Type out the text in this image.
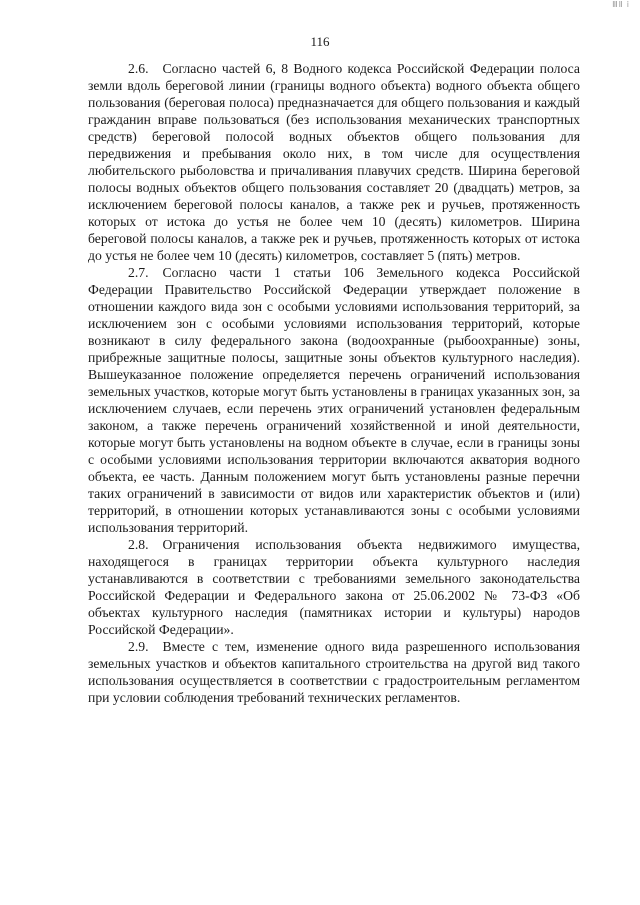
ⅢⅡ ⅰ
116

2.6. Согласно частей 6, 8 Водного кодекса Российской Федерации полоса земли вдоль береговой линии (границы водного объекта) водного объекта общего пользования (береговая полоса) предназначается для общего пользования и каждый гражданин вправе пользоваться (без использования механических транспортных средств) береговой полосой водных объектов общего пользования для передвижения и пребывания около них, в том числе для осуществления любительского рыболовства и причаливания плавучих средств. Ширина береговой полосы водных объектов общего пользования составляет 20 (двадцать) метров, за исключением береговой полосы каналов, а также рек и ручьев, протяженность которых от истока до устья не более чем 10 (десять) километров. Ширина береговой полосы каналов, а также рек и ручьев, протяженность которых от истока до устья не более чем 10 (десять) километров, составляет 5 (пять) метров.

2.7. Согласно части 1 статьи 106 Земельного кодекса Российской Федерации Правительство Российской Федерации утверждает положение в отношении каждого вида зон с особыми условиями использования территорий, за исключением зон с особыми условиями использования территорий, которые возникают в силу федерального закона (водоохранные (рыбоохранные) зоны, прибрежные защитные полосы, защитные зоны объектов культурного наследия). Вышеуказанное положение определяется перечень ограничений использования земельных участков, которые могут быть установлены в границах указанных зон, за исключением случаев, если перечень этих ограничений установлен федеральным законом, а также перечень ограничений хозяйственной и иной деятельности, которые могут быть установлены на водном объекте в случае, если в границы зоны с особыми условиями использования территории включаются акватория водного объекта, ее часть. Данным положением могут быть установлены разные перечни таких ограничений в зависимости от видов или характеристик объектов и (или) территорий, в отношении которых устанавливаются зоны с особыми условиями использования территорий.

2.8. Ограничения использования объекта недвижимого имущества, находящегося в границах территории объекта культурного наследия устанавливаются в соответствии с требованиями земельного законодательства Российской Федерации и Федерального закона от 25.06.2002 № 73-ФЗ «Об объектах культурного наследия (памятниках истории и культуры) народов Российской Федерации».

2.9. Вместе с тем, изменение одного вида разрешенного использования земельных участков и объектов капитального строительства на другой вид такого использования осуществляется в соответствии с градостроительным регламентом при условии соблюдения требований технических регламентов.
